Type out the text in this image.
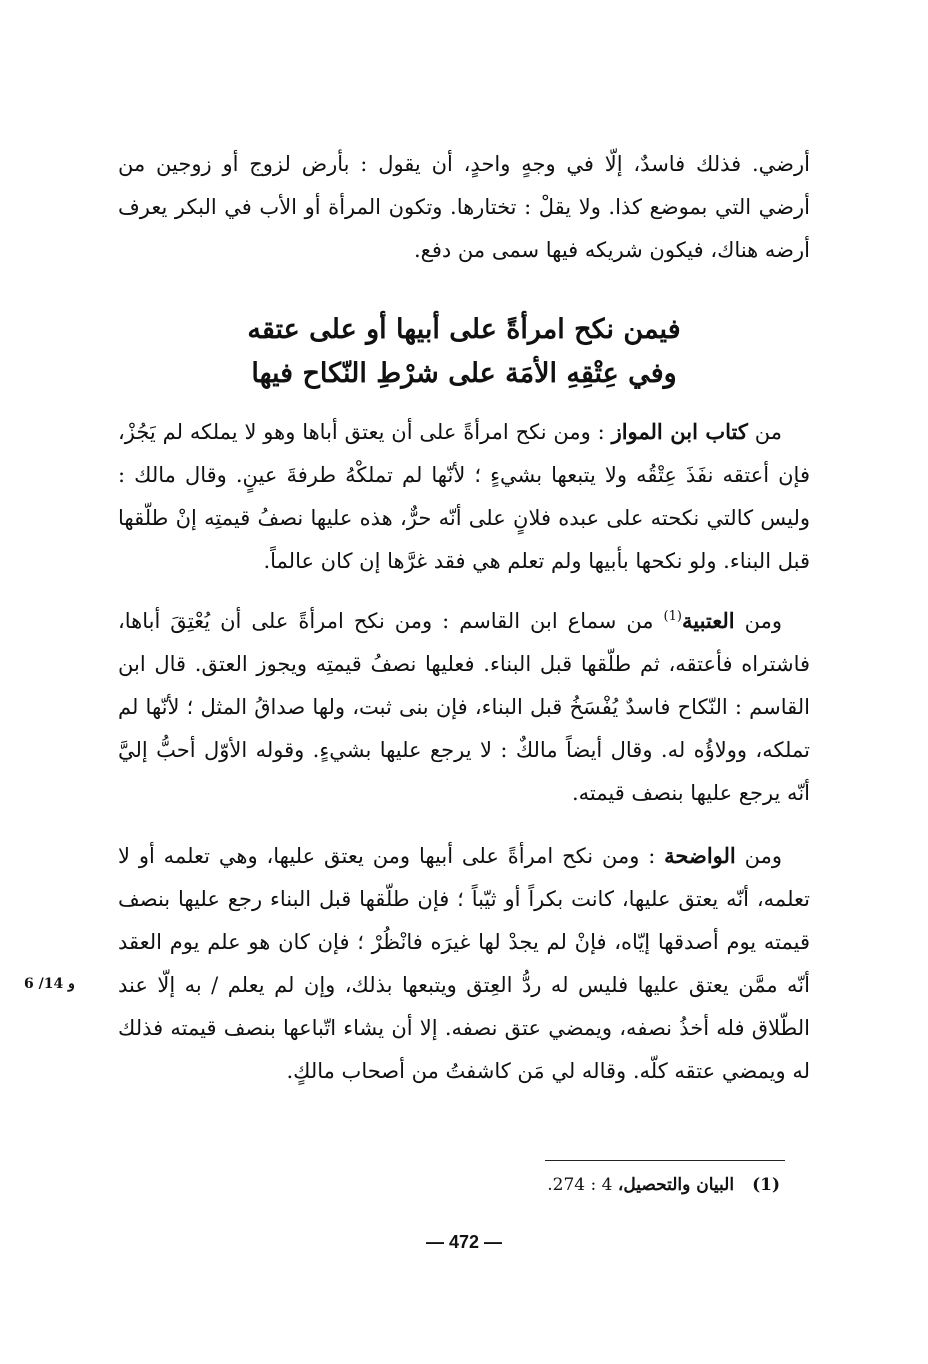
أرضي. فذلك فاسدٌ، إلّا في وجهٍ واحدٍ، أن يقول : بأرض لزوج أو زوجين من أرضي التي بموضع كذا. ولا يقلْ : تختارها. وتكون المرأة أو الأب في البكر يعرف أرضه هناك، فيكون شريكه فيها سمى من دفع.
فيمن نكح امرأةً على أبيها أو على عتقه
وفي عِتْقِهِ الأمَة على شرْطِ النّكاح فيها
من كتاب ابن المواز : ومن نكح امرأةً على أن يعتق أباها وهو لا يملكه لم يَجُزْ، فإن أعتقه نفَذَ عِتْقُه ولا يتبعها بشيءٍ ؛ لأنّها لم تملكْهُ طرفةَ عينٍ. وقال مالك : وليس كالتي نكحته على عبده فلانٍ على أنّه حرٌّ، هذه عليها نصفُ قيمتِه إنْ طلّقها قبل البناء. ولو نكحها بأبيها ولم تعلم هي فقد غرَّها إن كان عالماً.
ومن العتبية$^{(1)}$ من سماع ابن القاسم : ومن نكح امرأةً على أن يُعْتِقَ أباها، فاشتراه فأعتقه، ثم طلّقها قبل البناء. فعليها نصفُ قيمتِه ويجوز العتق. قال ابن القاسم : النّكاح فاسدٌ يُفْسَخُ قبل البناء، فإن بنى ثبت، ولها صداقُ المثل ؛ لأنّها لم تملكه، وولاؤُه له. وقال أيضاً مالكٌ : لا يرجع عليها بشيءٍ. وقوله الأوّل أحبُّ إليَّ أنّه يرجع عليها بنصف قيمته.
ومن الواضحة : ومن نكح امرأةً على أبيها ومن يعتق عليها، وهي تعلمه أو لا تعلمه، أنّه يعتق عليها، كانت بكراً أو ثيّباً ؛ فإن طلّقها قبل البناء رجع عليها بنصف قيمته يوم أصدقها إيّاه، فإنْ لم يجدْ لها غيرَه فانْظُرْ ؛ فإن كان هو علم يوم العقد أنّه ممَّن يعتق عليها فليس له ردُّ العِتق ويتبعها بذلك، وإن لم يعلم / به إلّا عند الطّلاق فله أخذُ نصفه، ويمضي عتق نصفه. إلا أن يشاء اتّباعها بنصف قيمته فذلك له ويمضي عتقه كلّه. وقاله لي مَن كاشفتُ من أصحاب مالكٍ.
6 /14 و
(1)البيان والتحصيل، 4 : 274.
— 472 —
